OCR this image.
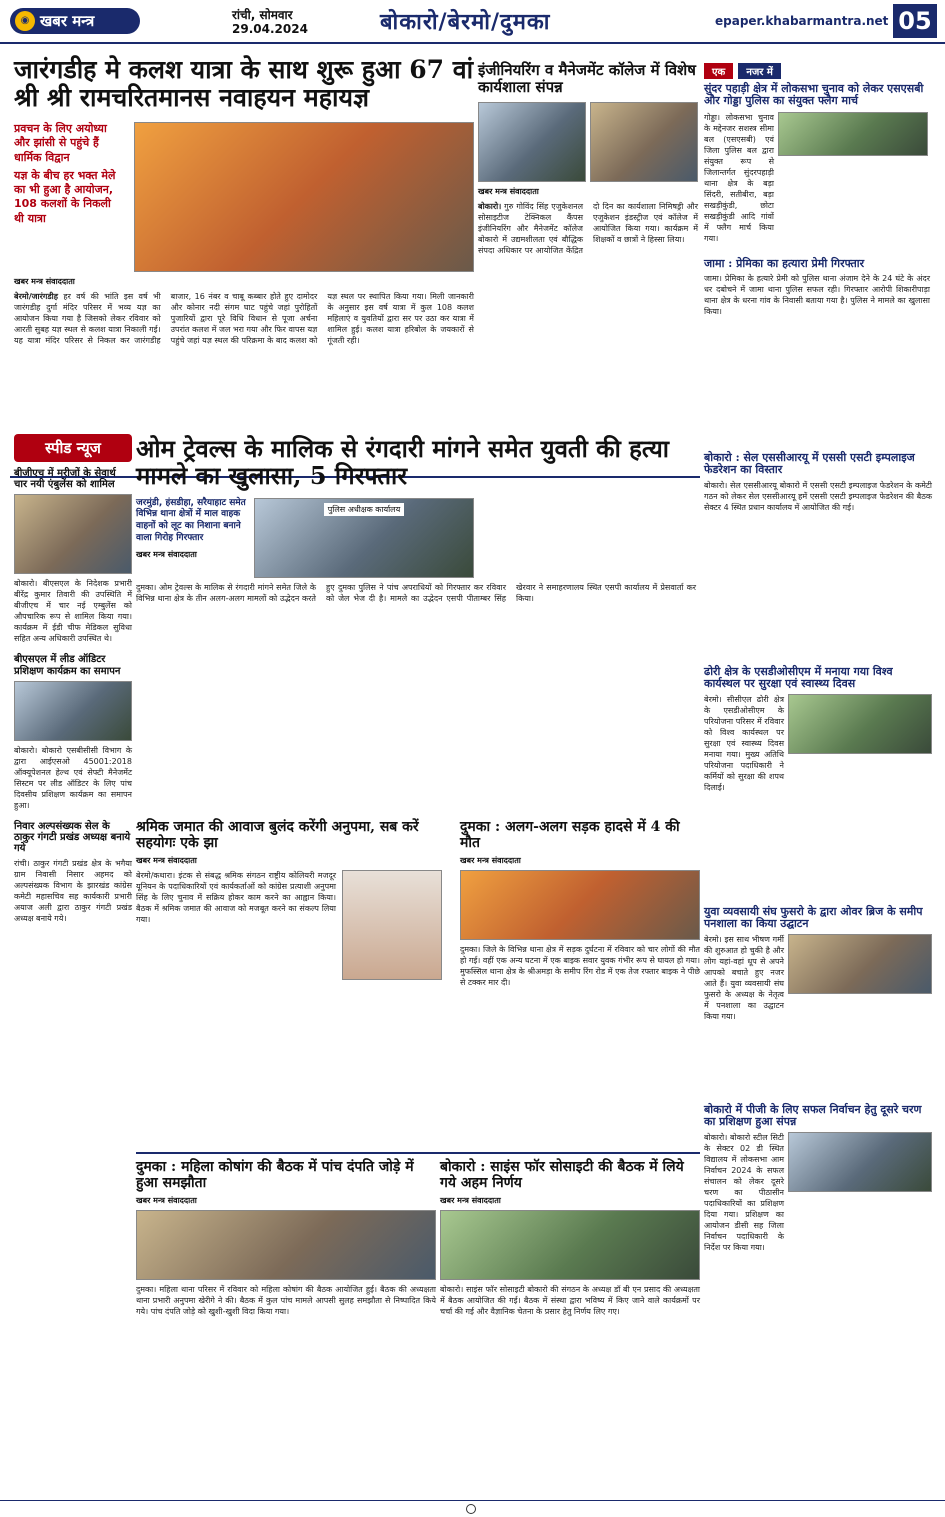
◉ खबर मन्त्र	रांची, सोमवार
29.04.2024	बोकारो/बेरमो/दुमका	epaper.khabarmantra.net 05
जारंगडीह मे कलश यात्रा के साथ शुरू हुआ 67 वां श्री श्री रामचरितमानस नवाहयन महायज्ञ
प्रवचन के लिए अयोध्या और झांसी से पहुंचे हैं धार्मिक विद्वान
यज्ञ के बीच हर भक्त मेले का भी हुआ है आयोजन, 108 कलशों के निकली थी यात्रा
खबर मन्त्र संवाददाता
बेरमो/जारंगडीह हर वर्ष की भांति इस वर्ष भी जारंगडीह दुर्गा मंदिर परिसर में भव्य यज्ञ का आयोजन किया गया है जिसको लेकर रविवार को आरती सुबह यज्ञ स्थल से कलश यात्रा निकाली गई। यह यात्रा मंदिर परिसर से निकल कर जारंगडीह बाजार, 16 नंबर व चाबू कब्बार होते हुए दामोदर और कोनार नदी संगम घाट पहुंचे जहां पुरोहितों पुजारियों द्वारा पूरे विधि विधान से पूजा अर्चना उपरांत कलश में जल भरा गया और फिर वापस यज्ञ पहुंचे जहां यज्ञ स्थल की परिक्रमा के बाद कलश को यज्ञ स्थल पर स्थापित किया गया। मिली जानकारी के अनुसार इस वर्ष यात्रा में कुल 108 कलश महिलाएं व युवतियों द्वारा सर पर उठा कर यात्रा में शामिल हुई। कलश यात्रा हरिबोल के जयकारों से गूंजती रही।
इंजीनियरिंग व मैनेजमेंट कॉलेज में विशेष कार्यशाला संपन्न
खबर मन्त्र संवाददाता
बोकारो। गुरु गोविंद सिंह एजुकेशनल सोसाइटीज टेक्निकल कैंपस इंजीनियरिंग और मैनेजमेंट कॉलेज बोकारो में उद्यमशीलता एवं बौद्धिक संपदा अधिकार पर आयोजित केंद्रित दो दिन का कार्यशाला निमिषड्री और एजुकेशन इंडस्ट्रीज एवं कॉलेज में आयोजित किया गया। कार्यक्रम में शिक्षकों व छात्रों ने हिस्सा लिया।
एक नजर में
सुंदर पहाड़ी क्षेत्र में लोकसभा चुनाव को लेकर एसएसबी और गोड्डा पुलिस का संयुक्त फ्लैग मार्च
गोड्डा। लोकसभा चुनाव के मद्देनजर सशस्त्र सीमा बल (एसएसबी) एवं जिला पुलिस बल द्वारा संयुक्त रूप से जिलान्तर्गत सुंदरपहाड़ी थाना क्षेत्र के बड़ा सिंदरी, सतीबीरा, बड़ा सखड़ीकुंडी, छोटा सखड़ीकुंडी आदि गांवों में फ्लैग मार्च किया गया।
जामा : प्रेमिका का हत्यारा प्रेमी गिरफ्तार
जामा। प्रेमिका के हत्यारे प्रेमी को पुलिस थाना अंजाम देने के 24 घंटे के अंदर धर दबोचने में जामा थाना पुलिस सफल रही। गिरफ्तार आरोपी शिकारीपाड़ा थाना क्षेत्र के धरना गांव के निवासी बताया गया है। पुलिस ने मामले का खुलासा किया।
स्पीड न्यूज
बीजीएच में मरीजों के सेवार्थ चार नयी एंबुलेंस को शामिल
बोकारो। बीएसएल के निदेशक प्रभारी बीरेंद्र कुमार तिवारी की उपस्थिति में बीजीएच में चार नई एम्बुलेंस को औपचारिक रूप से शामिल किया गया। कार्यक्रम में ईडी चीफ मेडिकल सुविधा सहित अन्य अधिकारी उपस्थित थे।
बीएसएल में लीड ऑडिटर प्रशिक्षण कार्यक्रम का समापन
बोकारो। बोकारो एसबीसीसी विभाग के द्वारा आईएसओ 45001:2018 ऑक्यूपेशनल हेल्थ एवं सेफ्टी मैनेजमेंट सिस्टम पर लीड ऑडिटर के लिए पांच दिवसीय प्रशिक्षण कार्यक्रम का समापन हुआ।
निवार अल्पसंख्यक सेल के ठाकुर गंगटी प्रखंड अध्यक्ष बनाये गये
रांची। ठाकुर गंगटी प्रखंड क्षेत्र के भगैया ग्राम निवासी निसार अहमद को अल्पसंख्यक विभाग के झारखंड कांग्रेस कमेटी महासचिव सह कार्यकारी प्रभारी अयाज अली द्वारा ठाकुर गंगटी प्रखंड अध्यक्ष बनाये गये।
ओम ट्रेवल्स के मालिक से रंगदारी मांगने समेत युवती की हत्या मामले का खुलासा, 5 गिरफ्तार
जरमुंडी, हंसडीहा, सरैयाहाट समेत विभिन्न थाना क्षेत्रों में माल वाहक वाहनों को लूट का निशाना बनाने वाला गिरोह गिरफ्तार
खबर मन्त्र संवाददाता
पुलिस अधीक्षक कार्यालय
दुमका। ओम ट्रेवल्स के मालिक से रंगदारी मांगने समेत जिले के विभिन्न थाना क्षेत्र के तीन अलग-अलग मामलों को उद्भेदन करते हुए दुमका पुलिस ने पांच अपराधियों को गिरफ्तार कर रविवार को जेल भेज दी है। मामले का उद्भेदन एसपी पीताम्बर सिंह खेरवार ने समाहरणालय स्थित एसपी कार्यालय में प्रेसवार्ता कर किया।
श्रमिक जमात की आवाज बुलंद करेंगी अनुपमा, सब करें सहयोगः एके झा
खबर मन्त्र संवाददाता
बेरमो/कथारा। इंटक से संबद्ध श्रमिक संगठन राष्ट्रीय कोलियरी मजदूर यूनियन के पदाधिकारियों एवं कार्यकर्ताओं को कांग्रेस प्रत्याशी अनुपमा सिंह के लिए चुनाव में सक्रिय होकर काम करने का आह्वान किया। बैठक में श्रमिक जमात की आवाज को मजबूत करने का संकल्प लिया गया।
दुमका : अलग-अलग सड़क हादसे में 4 की मौत
खबर मन्त्र संवाददाता
दुमका। जिले के विभिन्न थाना क्षेत्र में सड़क दुर्घटना में रविवार को चार लोगों की मौत हो गई। वहीं एक अन्य घटना में एक बाइक सवार युवक गंभीर रूप से घायल हो गया। मुफस्सिल थाना क्षेत्र के श्रीअमड़ा के समीप रिंग रोड में एक तेज रफ्तार बाइक ने पीछे से टक्कर मार दी।
बोकारो : सेल एससीआरयू में एससी एसटी इम्पलाइज फेडरेशन का विस्तार
बोकारो। सेल एससीआरयू बोकारो में एससी एसटी इम्पलाइज फेडरेशन के कमेटी गठन को लेकर सेल एससीआरयू हमें एससी एसटी इम्पलाइज फेडरेशन की बैठक सेक्टर 4 स्थित प्रधान कार्यालय में आयोजित की गई।
ढोरी क्षेत्र के एसडीओसीएम में मनाया गया विश्व कार्यस्थल पर सुरक्षा एवं स्वास्थ्य दिवस
बेरमो। सीसीएल ढोरी क्षेत्र के एसडीओसीएम के परियोजना परिसर में रविवार को विश्व कार्यस्थल पर सुरक्षा एवं स्वास्थ्य दिवस मनाया गया। मुख्य अतिथि परियोजना पदाधिकारी ने कर्मियों को सुरक्षा की शपथ दिलाई।
युवा व्यवसायी संघ फुसरो के द्वारा ओवर ब्रिज के समीप पनशाला का किया उद्घाटन
बेरमो। इस साथ भीषण गर्मी की शुरुआत हो चुकी है और लोग यहां-वहां धूप से अपने आपको बचाते हुए नजर आते हैं। युवा व्यवसायी संघ फुसरो के अध्यक्ष के नेतृत्व में पनशाला का उद्घाटन किया गया।
बोकारो में पीजी के लिए सफल निर्वाचन हेतु दूसरे चरण का प्रशिक्षण हुआ संपन्न
बोकारो। बोकारो स्टील सिटी के सेक्टर 02 डी स्थित विद्यालय में लोकसभा आम निर्वाचन 2024 के सफल संचालन को लेकर दूसरे चरण का पीठासीन पदाधिकारियों का प्रशिक्षण दिया गया। प्रशिक्षण का आयोजन डीसी सह जिला निर्वाचन पदाधिकारी के निर्देश पर किया गया।
दुमका : महिला कोषांग की बैठक में पांच दंपति जोड़े में हुआ समझौता
खबर मन्त्र संवाददाता
दुमका। महिला थाना परिसर में रविवार को महिला कोषांग की बैठक आयोजित हुई। बैठक की अध्यक्षता थाना प्रभारी अनुपमा खेरीगे ने की। बैठक में कुल पांच मामले आपसी सुलह समझौता से निष्पादित किये गये। पांच दंपति जोड़े को खुशी-खुशी विदा किया गया।
बोकारो : साइंस फॉर सोसाइटी की बैठक में लिये गये अहम निर्णय
खबर मन्त्र संवाददाता
बोकारो। साइंस फॉर सोसाइटी बोकारो की संगठन के अध्यक्ष डॉ बी एन प्रसाद की अध्यक्षता में बैठक आयोजित की गई। बैठक में संस्था द्वारा भविष्य में किए जाने वाले कार्यक्रमों पर चर्चा की गई और वैज्ञानिक चेतना के प्रसार हेतु निर्णय लिए गए।
